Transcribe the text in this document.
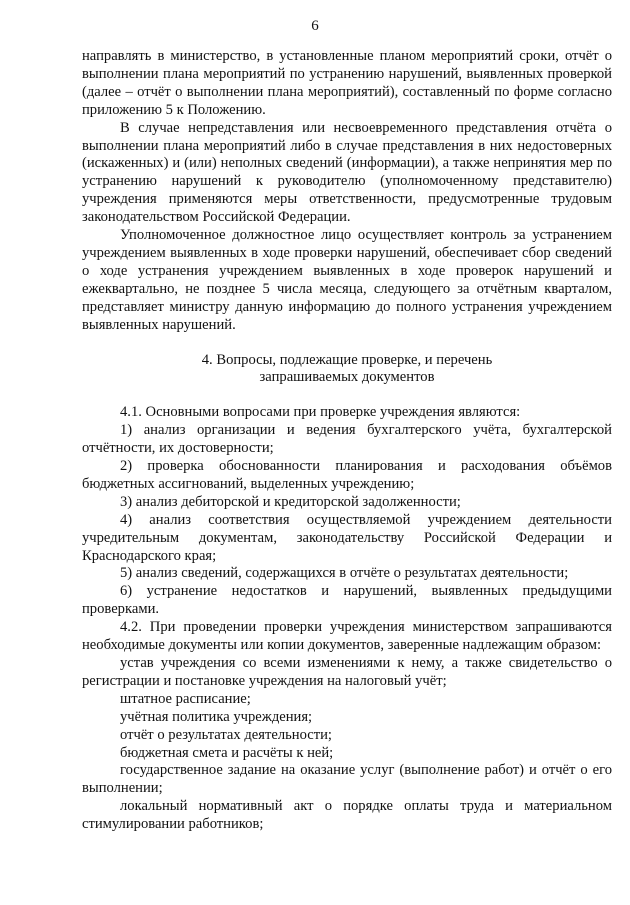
6

направлять в министерство, в установленные планом мероприятий сроки, отчёт о выполнении плана мероприятий по устранению нарушений, выявленных проверкой (далее – отчёт о выполнении плана мероприятий), составленный по форме согласно приложению 5 к Положению.

В случае непредставления или несвоевременного представления отчёта о выполнении плана мероприятий либо в случае представления в них недостоверных (искаженных) и (или) неполных сведений (информации), а также непринятия мер по устранению нарушений к руководителю (уполномоченному представителю) учреждения применяются меры ответственности, предусмотренные трудовым законодательством Российской Федерации.

Уполномоченное должностное лицо осуществляет контроль за устранением учреждением выявленных в ходе проверки нарушений, обеспечивает сбор сведений о ходе устранения учреждением выявленных в ходе проверок нарушений и ежеквартально, не позднее 5 числа месяца, следующего за отчётным кварталом, представляет министру данную информацию до полного устранения учреждением выявленных нарушений.

4. Вопросы, подлежащие проверке, и перечень
запрашиваемых документов

4.1. Основными вопросами при проверке учреждения являются:

1) анализ организации и ведения бухгалтерского учёта, бухгалтерской отчётности, их достоверности;

2) проверка обоснованности планирования и расходования объёмов бюджетных ассигнований, выделенных учреждению;

3) анализ дебиторской и кредиторской задолженности;

4) анализ соответствия осуществляемой учреждением деятельности учредительным документам, законодательству Российской Федерации и Краснодарского края;

5) анализ сведений, содержащихся в отчёте о результатах деятельности;

6) устранение недостатков и нарушений, выявленных предыдущими проверками.

4.2. При проведении проверки учреждения министерством запрашиваются необходимые документы или копии документов, заверенные надлежащим образом:

устав учреждения со всеми изменениями к нему, а также свидетельство о регистрации и постановке учреждения на налоговый учёт;

штатное расписание;

учётная политика учреждения;

отчёт о результатах деятельности;

бюджетная смета и расчёты к ней;

государственное задание на оказание услуг (выполнение работ) и отчёт о его выполнении;

локальный нормативный акт о порядке оплаты труда и материальном стимулировании работников;
